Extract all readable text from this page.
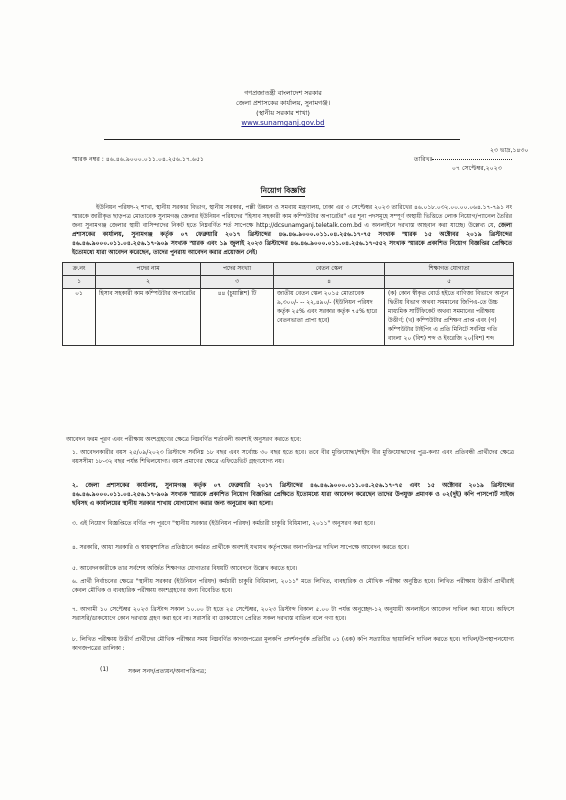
গণপ্রজাতন্ত্রী বাংলাদেশ সরকার
জেলা প্রশাসকের কার্যালয়, সুনামগঞ্জ।
(স্থানীয় সরকার শাখা)
www.sunamganj.gov.bd
২৩ ভাদ্র,১৪৩০
স্মারক নম্বর : ৪৬.৪৬.৯০০০.০১১.০৪.২৫৬.১৭.৬৫১	তারিখঃ
০৭ সেপ্টেম্বর,২০২৩
নিয়োগ বিজ্ঞপ্তি
ইউনিয়ন পরিষদ-২ শাখা, স্থানীয় সরকার বিভাগ, স্থানীয় সরকার, পল্লী উন্নয়ন ও সমবায় মন্ত্রণালয়, ঢাকা এর ৩ সেপ্টেম্বর ২০২৩ তারিখের ৪৬.০১৮.০৩২.০০.০০.০৬৪.১৭-৭৯১ নং স্মারকে জারীকৃত ছাড়পত্র মোতাবেক সুনামগঞ্জ জেলার ইউনিয়ন পরিষদের "হিসাব সহকারী কাম কম্পিউটার অপারেটর" এর শূন্য পদসমূহে সম্পূর্ণ অস্থায়ী ভিত্তিতে লোক নিয়োগ/প্যানেল তৈরির জন্য সুনামগঞ্জ জেলার স্থায়ী বাসিন্দাদের নিকট হতে নিম্নবর্ণিত শর্ত সাপেক্ষে http://dcsunamganj.teletalk.com.bd এ অনলাইনে দরখাস্ত আহবান করা যাচ্ছে। উল্লেখ্য যে, জেলা প্রশাসকের কার্যালয়, সুনামগঞ্জ কর্তৃক ০৭ ফেব্রুয়ারি ২০১৭ খ্রিস্টাব্দের ৪৬.৪৬.৯০০০.০১১.০৪.২৫৬.১৭-৭৫ সংখ্যক স্মারক ১৫ অক্টোবর ২০১৯ খ্রিস্টাব্দের ৪৬.৪৬.৯০০০.০১১.০৪.২৫৬.১৭-৯০৯ সংখ্যক স্মারক এবং ১৯ জুলাই ২০২৩ খ্রিস্টাব্দের ৪৬.৪৬.৯০০০.০১১.০৪.২৫৬.১৭-৫৫২ সংখ্যক স্মারকে প্রকাশিত নিয়োগ বিজ্ঞপ্তির প্রেক্ষিতে ইতোমধ্যে যারা আবেদন করেছেন, তাদের পুনরায় আবেদন করার প্রয়োজন নেই।
ক্র.নং	পদের নাম	পদের সংখ্যা	বেতন স্কেল	শিক্ষাগত যোগ্যতা
১	২	৩	৪	৫
০১	হিসাব সহকারী কাম কম্পিউটার অপারেটর	৪৪ (চুয়াল্লিশ) টি	জাতীয় বেতন স্কেল ২০১৫ মোতাবেক ৯,৩০০/- -- ২২,৪৯০/- (ইউনিয়ন পরিষদ কর্তৃক ২৫% এবং সরকার কর্তৃক ৭৫% হারে বেতনভাতা প্রাপ্য হবে)	(ক) কোন স্বীকৃত বোর্ড হইতে বাণিজ্য বিভাগে অন্যূন দ্বিতীয় বিভাগ অথবা সমমানের জিপিএ-তে উচ্চ মাধ্যমিক সার্টিফিকেট অথবা সমমানের পরীক্ষায় উত্তীর্ণ; (খ) কম্পিউটার প্রশিক্ষণ প্রাপ্ত এবং (গ) কম্পিউটার টাইপিং এ প্রতি মিনিটে সর্বনিম্ন গতি বাংলা ২০ (বিশ) শব্দ ও ইংরেজি ২০(বিশ) শব্দ
আবেদন ফরম পূরণ এবং পরীক্ষায় অংশগ্রহণের ক্ষেত্রে নিম্নবর্ণিত শর্তাবলী অবশ্যই অনুসরণ করতে হবে:
১. আবেদনকারীর বয়স ২৫/০৯/২০২৩ খ্রিস্টাব্দে সর্বনিম্ন ১৮ বছর এবং সর্বোচ্চ ৩০ বছর হতে হবে। তবে বীর মুক্তিযোদ্ধা/শহীদ বীর মুক্তিযোদ্ধাদের পুত্র-কন্যা এবং প্রতিবন্ধী প্রার্থীদের ক্ষেত্রে বয়সসীমা ১৮-৩২ বছর পর্যন্ত শিথিলযোগ্য। বয়স প্রমাণের ক্ষেত্রে এফিডেভিট গ্রহণযোগ্য নয়।
২. জেলা প্রশাসকের কার্যালয়, সুনামগঞ্জ কর্তৃক ০৭ ফেব্রুয়ারি ২০১৭ খ্রিস্টাব্দের ৪৬.৪৬.৯০০০.০১১.০৪.২৫৬.১৭-৭৫ এবং ১৫ অক্টোবর ২০১৯ খ্রিস্টাব্দের ৪৬.৪৬.৯০০০.০১১.০৪.২৫৬.১৭-৯০৯ সংখ্যক স্মারকে প্রকাশিত নিয়োগ বিজ্ঞপ্তির প্রেক্ষিতে ইতোমধ্যে যারা আবেদন করেছেন তাদের উপযুক্ত প্রমাণক ও ০২(দুই) কপি পাসপোর্ট সাইজ ছবিসহ এ কার্যালয়ের স্থানীয় সরকার শাখায় যোগাযোগ করার জন্য অনুরোধ করা হলো।
৩. এই নিয়োগ বিজ্ঞপ্তিতে বর্ণিত পদ পূরণে "স্থানীয় সরকার (ইউনিয়ন পরিষদ) কর্মচারী চাকুরি বিধিমালা, ২০১১" অনুসরণ করা হবে।
৪. সরকারি, আধা সরকারি ও স্বায়ত্বশাসিত প্রতিষ্ঠানে কর্মরত প্রার্থীকে অবশ্যই যথাযথ কর্তৃপক্ষের অনাপত্তিপত্র দাখিল সাপেক্ষে আবেদন করতে হবে।
৫. আবেদনকারীকে তার সর্বশেষ অর্জিত শিক্ষাগত যোগ্যতার বিষয়টি আবেদনে উল্লেখ করতে হবে।
৬. প্রার্থী নির্বাচনের ক্ষেত্রে "স্থানীয় সরকার (ইউনিয়ন পরিষদ) কর্মচারী চাকুরি বিধিমালা, ২০১১" মতে লিখিত, ব্যবহারিক ও মৌখিক পরীক্ষা অনুষ্ঠিত হবে। লিখিত পরীক্ষায় উত্তীর্ণ প্রার্থীরাই কেবল মৌখিক ও ব্যবহারিক পরীক্ষায় অংশগ্রহণের জন্য বিবেচিত হবে।
৭. আগামী ১০ সেপ্টেম্বর ২০২৩ খ্রিস্টাব্দ সকাল ১০.০০ টা হতে ২৫ সেপ্টেম্বর, ২০২৩ খ্রিস্টাব্দ বিকাল ৫.০০ টা পর্যন্ত অনুচ্ছেদ-১২ অনুযায়ী অনলাইনে আবেদন দাখিল করা যাবে। অফিসে সরাসরি/ডাকযোগে কোন দরখাস্ত গ্রহণ করা হবে না। সরাসরি বা ডাকযোগে প্রেরিত সকল দরখাস্ত বাতিল বলে গণ্য হবে।
৮. লিখিত পরীক্ষায় উত্তীর্ণ প্রার্থীদের মৌখিক পরীক্ষার সময় নিম্নবর্ণিত কাগজপত্রের মূলকপি প্রদর্শনপূর্বক প্রতিটির ০১ (এক) কপি সত্যায়িত ছায়ালিপি দাখিল করতে হবে। দাখিল/উপস্থাপনযোগ্য কাগজপত্রের তালিকা :
(1)	সকল সনদ/প্রত্যয়ন/অনাপত্তিপত্র;
